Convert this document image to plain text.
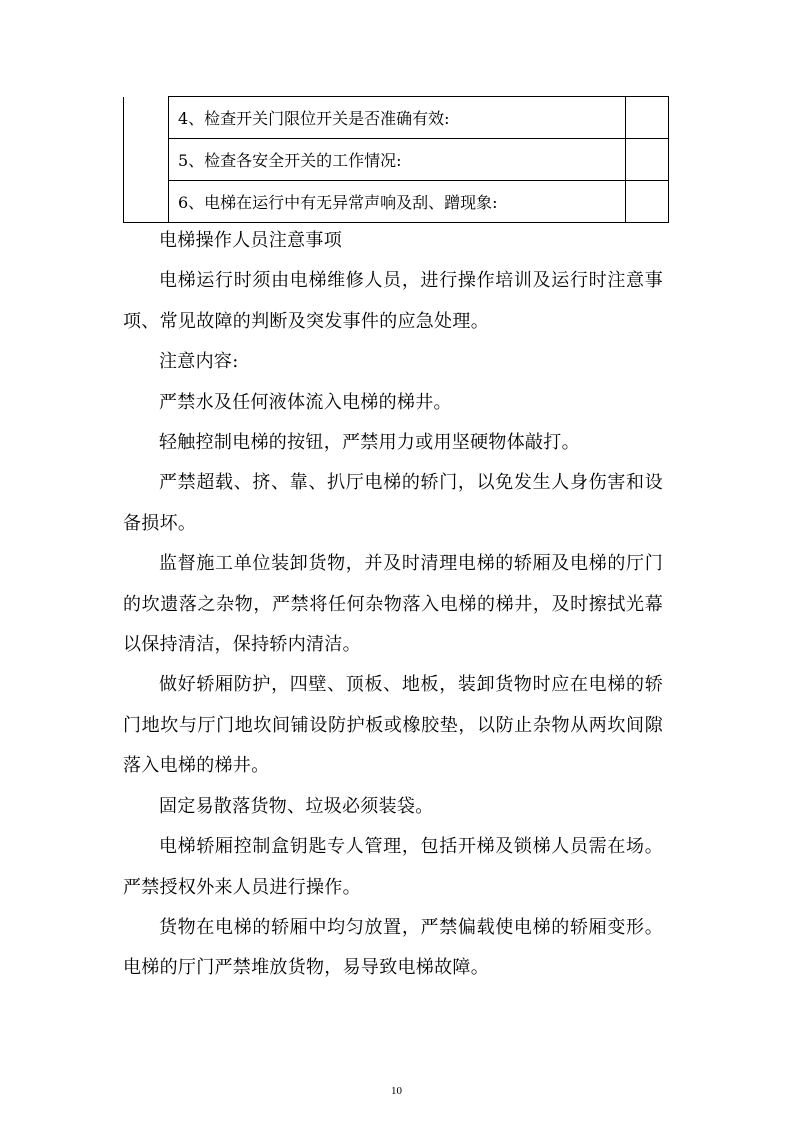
	4、检查开关门限位开关是否准确有效:	
	5、检查各安全开关的工作情况:	
	6、电梯在运行中有无异常声响及刮、蹭现象:	

电梯操作人员注意事项

电梯运行时须由电梯维修人员，进行操作培训及运行时注意事项、常见故障的判断及突发事件的应急处理。

注意内容:

严禁水及任何液体流入电梯的梯井。

轻触控制电梯的按钮，严禁用力或用坚硬物体敲打。

严禁超载、挤、靠、扒厅电梯的轿门，以免发生人身伤害和设备损坏。

监督施工单位装卸货物，并及时清理电梯的轿厢及电梯的厅门的坎遗落之杂物，严禁将任何杂物落入电梯的梯井，及时擦拭光幕以保持清洁，保持轿内清洁。

做好轿厢防护，四壁、顶板、地板，装卸货物时应在电梯的轿门地坎与厅门地坎间铺设防护板或橡胶垫，以防止杂物从两坎间隙落入电梯的梯井。

固定易散落货物、垃圾必须装袋。

电梯轿厢控制盒钥匙专人管理，包括开梯及锁梯人员需在场。严禁授权外来人员进行操作。

货物在电梯的轿厢中均匀放置，严禁偏载使电梯的轿厢变形。电梯的厅门严禁堆放货物，易导致电梯故障。

10
